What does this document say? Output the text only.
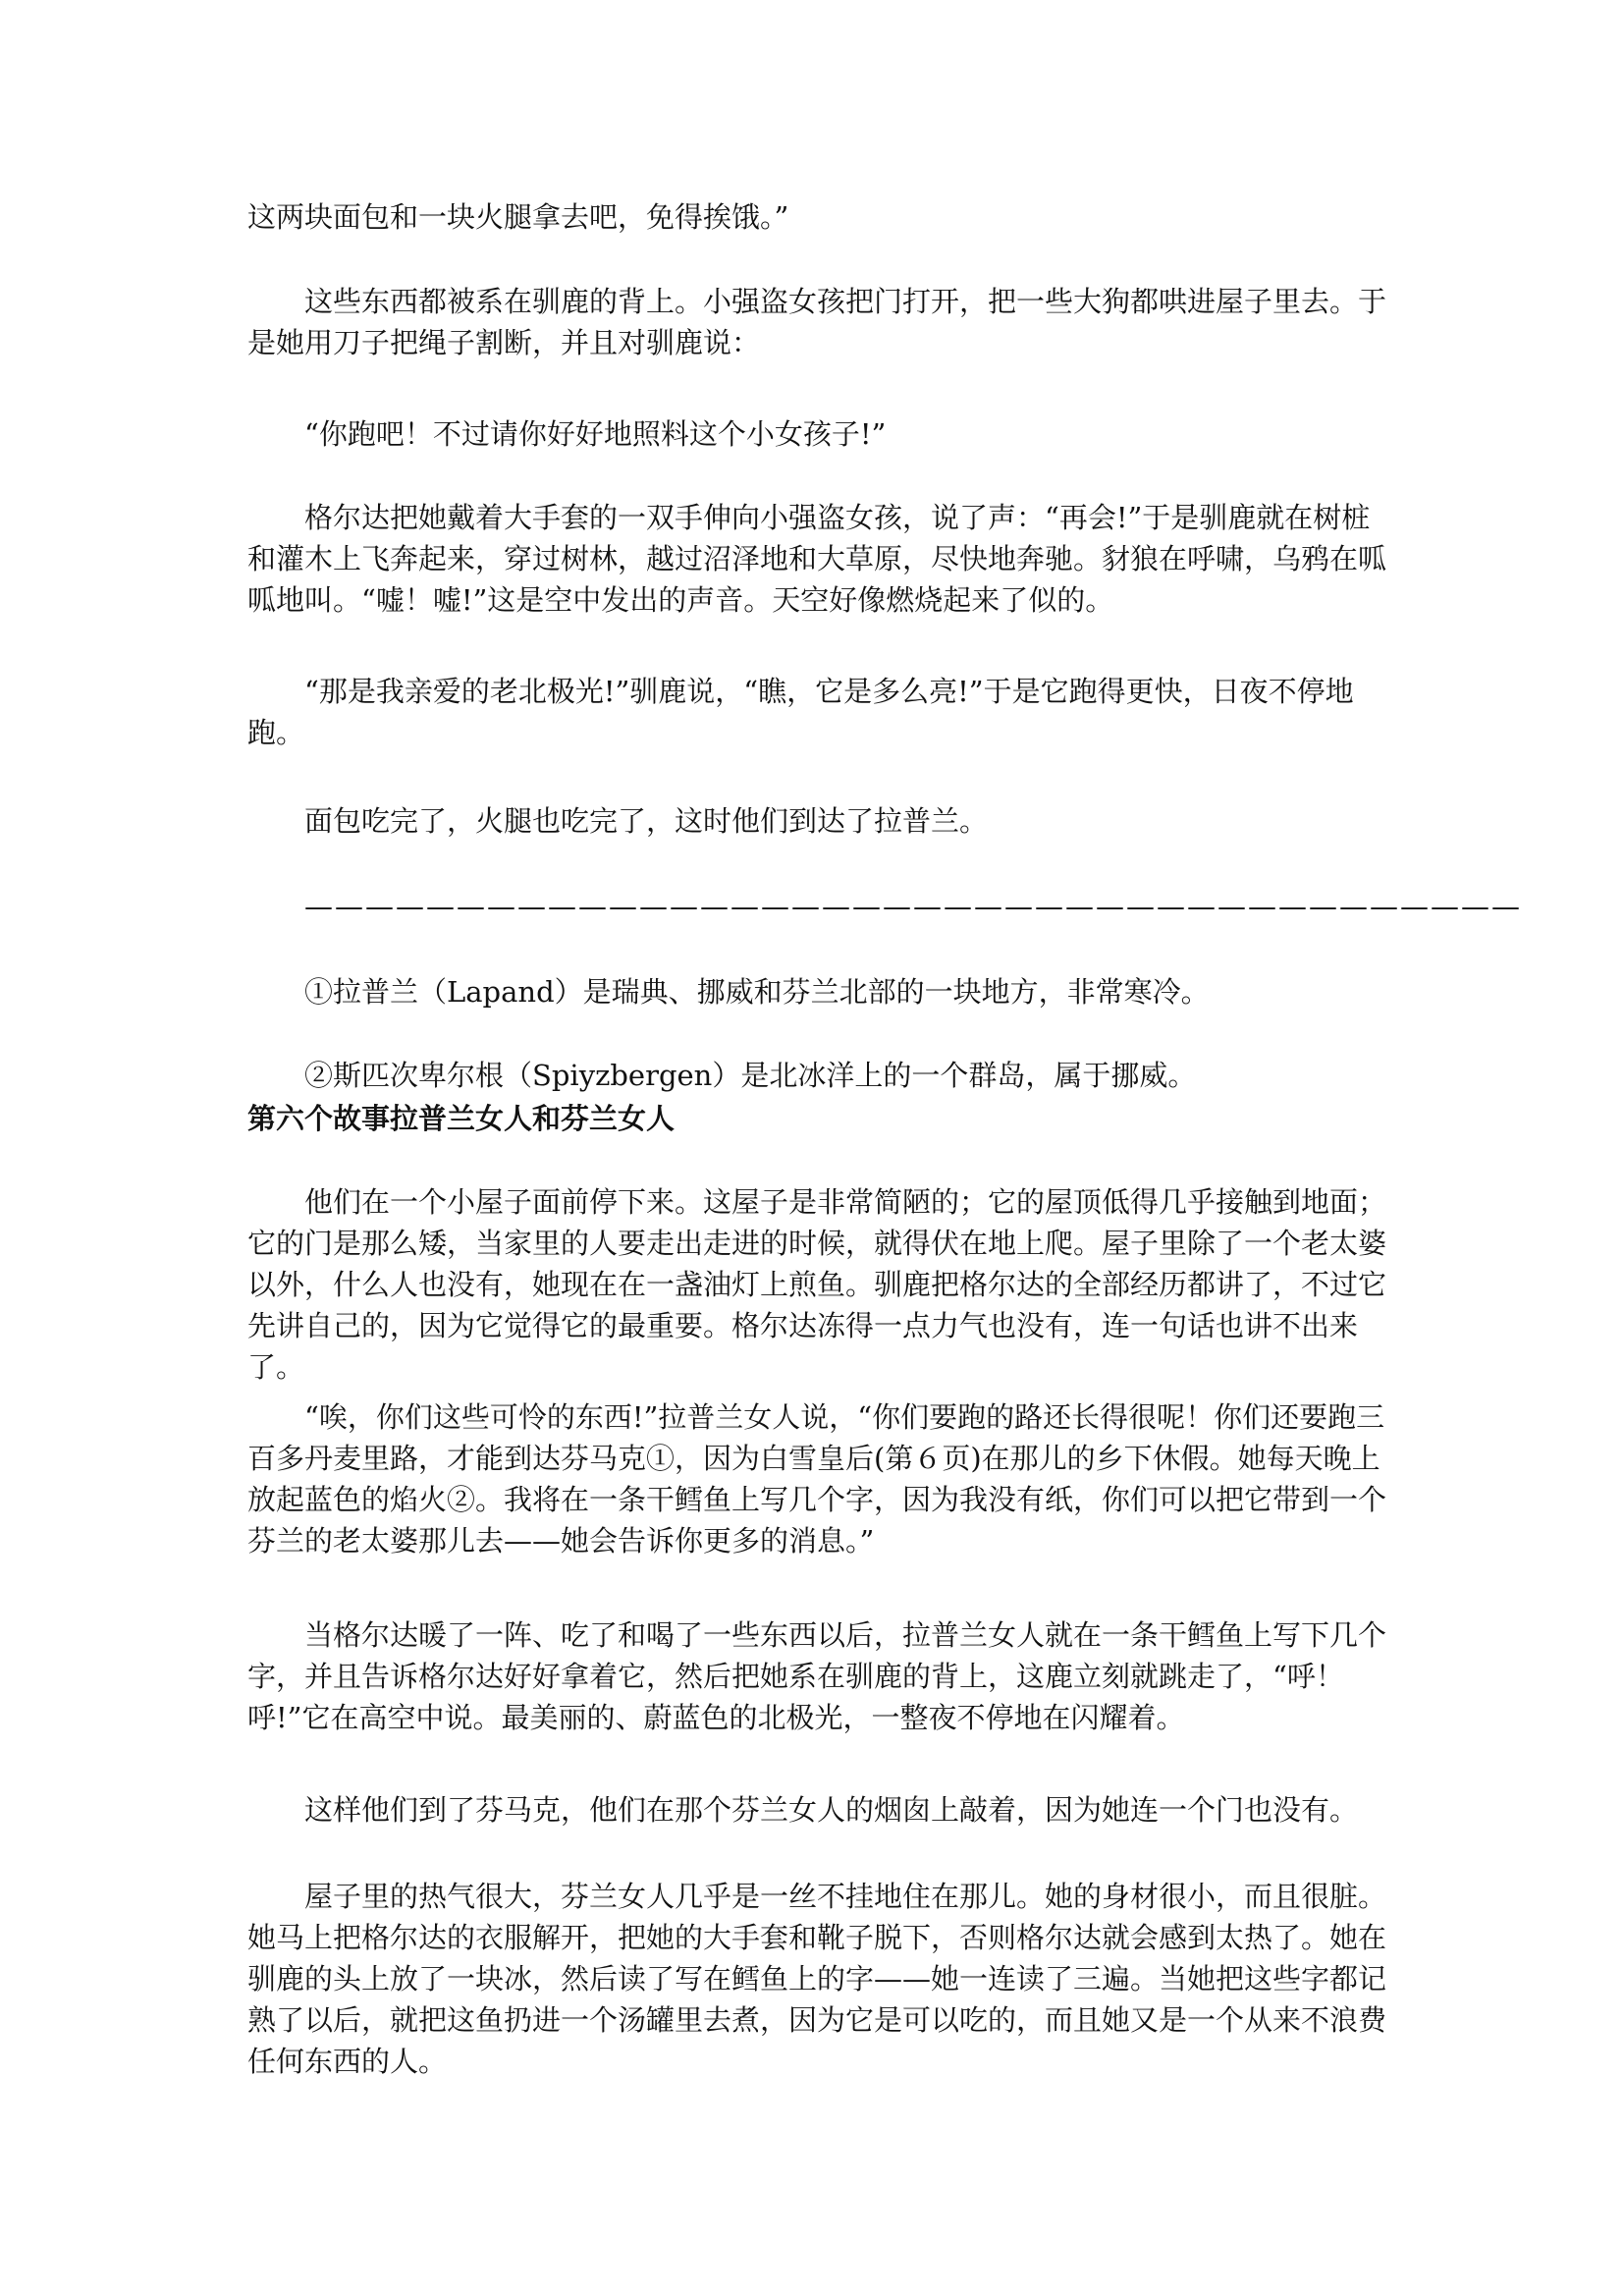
这两块面包和一块火腿拿去吧，免得挨饿。”

这些东西都被系在驯鹿的背上。小强盗女孩把门打开，把一些大狗都哄进屋子里去。于是她用刀子把绳子割断，并且对驯鹿说：

“你跑吧！不过请你好好地照料这个小女孩子!”

格尔达把她戴着大手套的一双手伸向小强盗女孩，说了声：“再会!”于是驯鹿就在树桩和灌木上飞奔起来，穿过树林，越过沼泽地和大草原，尽快地奔驰。豺狼在呼啸，乌鸦在呱呱地叫。“嘘！嘘!”这是空中发出的声音。天空好像燃烧起来了似的。

“那是我亲爱的老北极光!”驯鹿说，“瞧，它是多么亮!”于是它跑得更快，日夜不停地跑。

面包吃完了，火腿也吃完了，这时他们到达了拉普兰。

————————————————————————————————————————

①拉普兰（Lapand）是瑞典、挪威和芬兰北部的一块地方，非常寒冷。

②斯匹次卑尔根（Spiyzbergen）是北冰洋上的一个群岛，属于挪威。

第六个故事拉普兰女人和芬兰女人

他们在一个小屋子面前停下来。这屋子是非常简陋的；它的屋顶低得几乎接触到地面；它的门是那么矮，当家里的人要走出走进的时候，就得伏在地上爬。屋子里除了一个老太婆以外，什么人也没有，她现在在一盏油灯上煎鱼。驯鹿把格尔达的全部经历都讲了，不过它先讲自己的，因为它觉得它的最重要。格尔达冻得一点力气也没有，连一句话也讲不出来了。

“唉，你们这些可怜的东西!”拉普兰女人说，“你们要跑的路还长得很呢！你们还要跑三百多丹麦里路，才能到达芬马克①，因为白雪皇后(第６页)在那儿的乡下休假。她每天晚上放起蓝色的焰火②。我将在一条干鳕鱼上写几个字，因为我没有纸，你们可以把它带到一个芬兰的老太婆那儿去——她会告诉你更多的消息。”

当格尔达暖了一阵、吃了和喝了一些东西以后，拉普兰女人就在一条干鳕鱼上写下几个字，并且告诉格尔达好好拿着它，然后把她系在驯鹿的背上，这鹿立刻就跳走了，“呼！呼!”它在高空中说。最美丽的、蔚蓝色的北极光，一整夜不停地在闪耀着。

这样他们到了芬马克，他们在那个芬兰女人的烟囱上敲着，因为她连一个门也没有。

屋子里的热气很大，芬兰女人几乎是一丝不挂地住在那儿。她的身材很小，而且很脏。她马上把格尔达的衣服解开，把她的大手套和靴子脱下，否则格尔达就会感到太热了。她在驯鹿的头上放了一块冰，然后读了写在鳕鱼上的字——她一连读了三遍。当她把这些字都记熟了以后，就把这鱼扔进一个汤罐里去煮，因为它是可以吃的，而且她又是一个从来不浪费任何东西的人。
